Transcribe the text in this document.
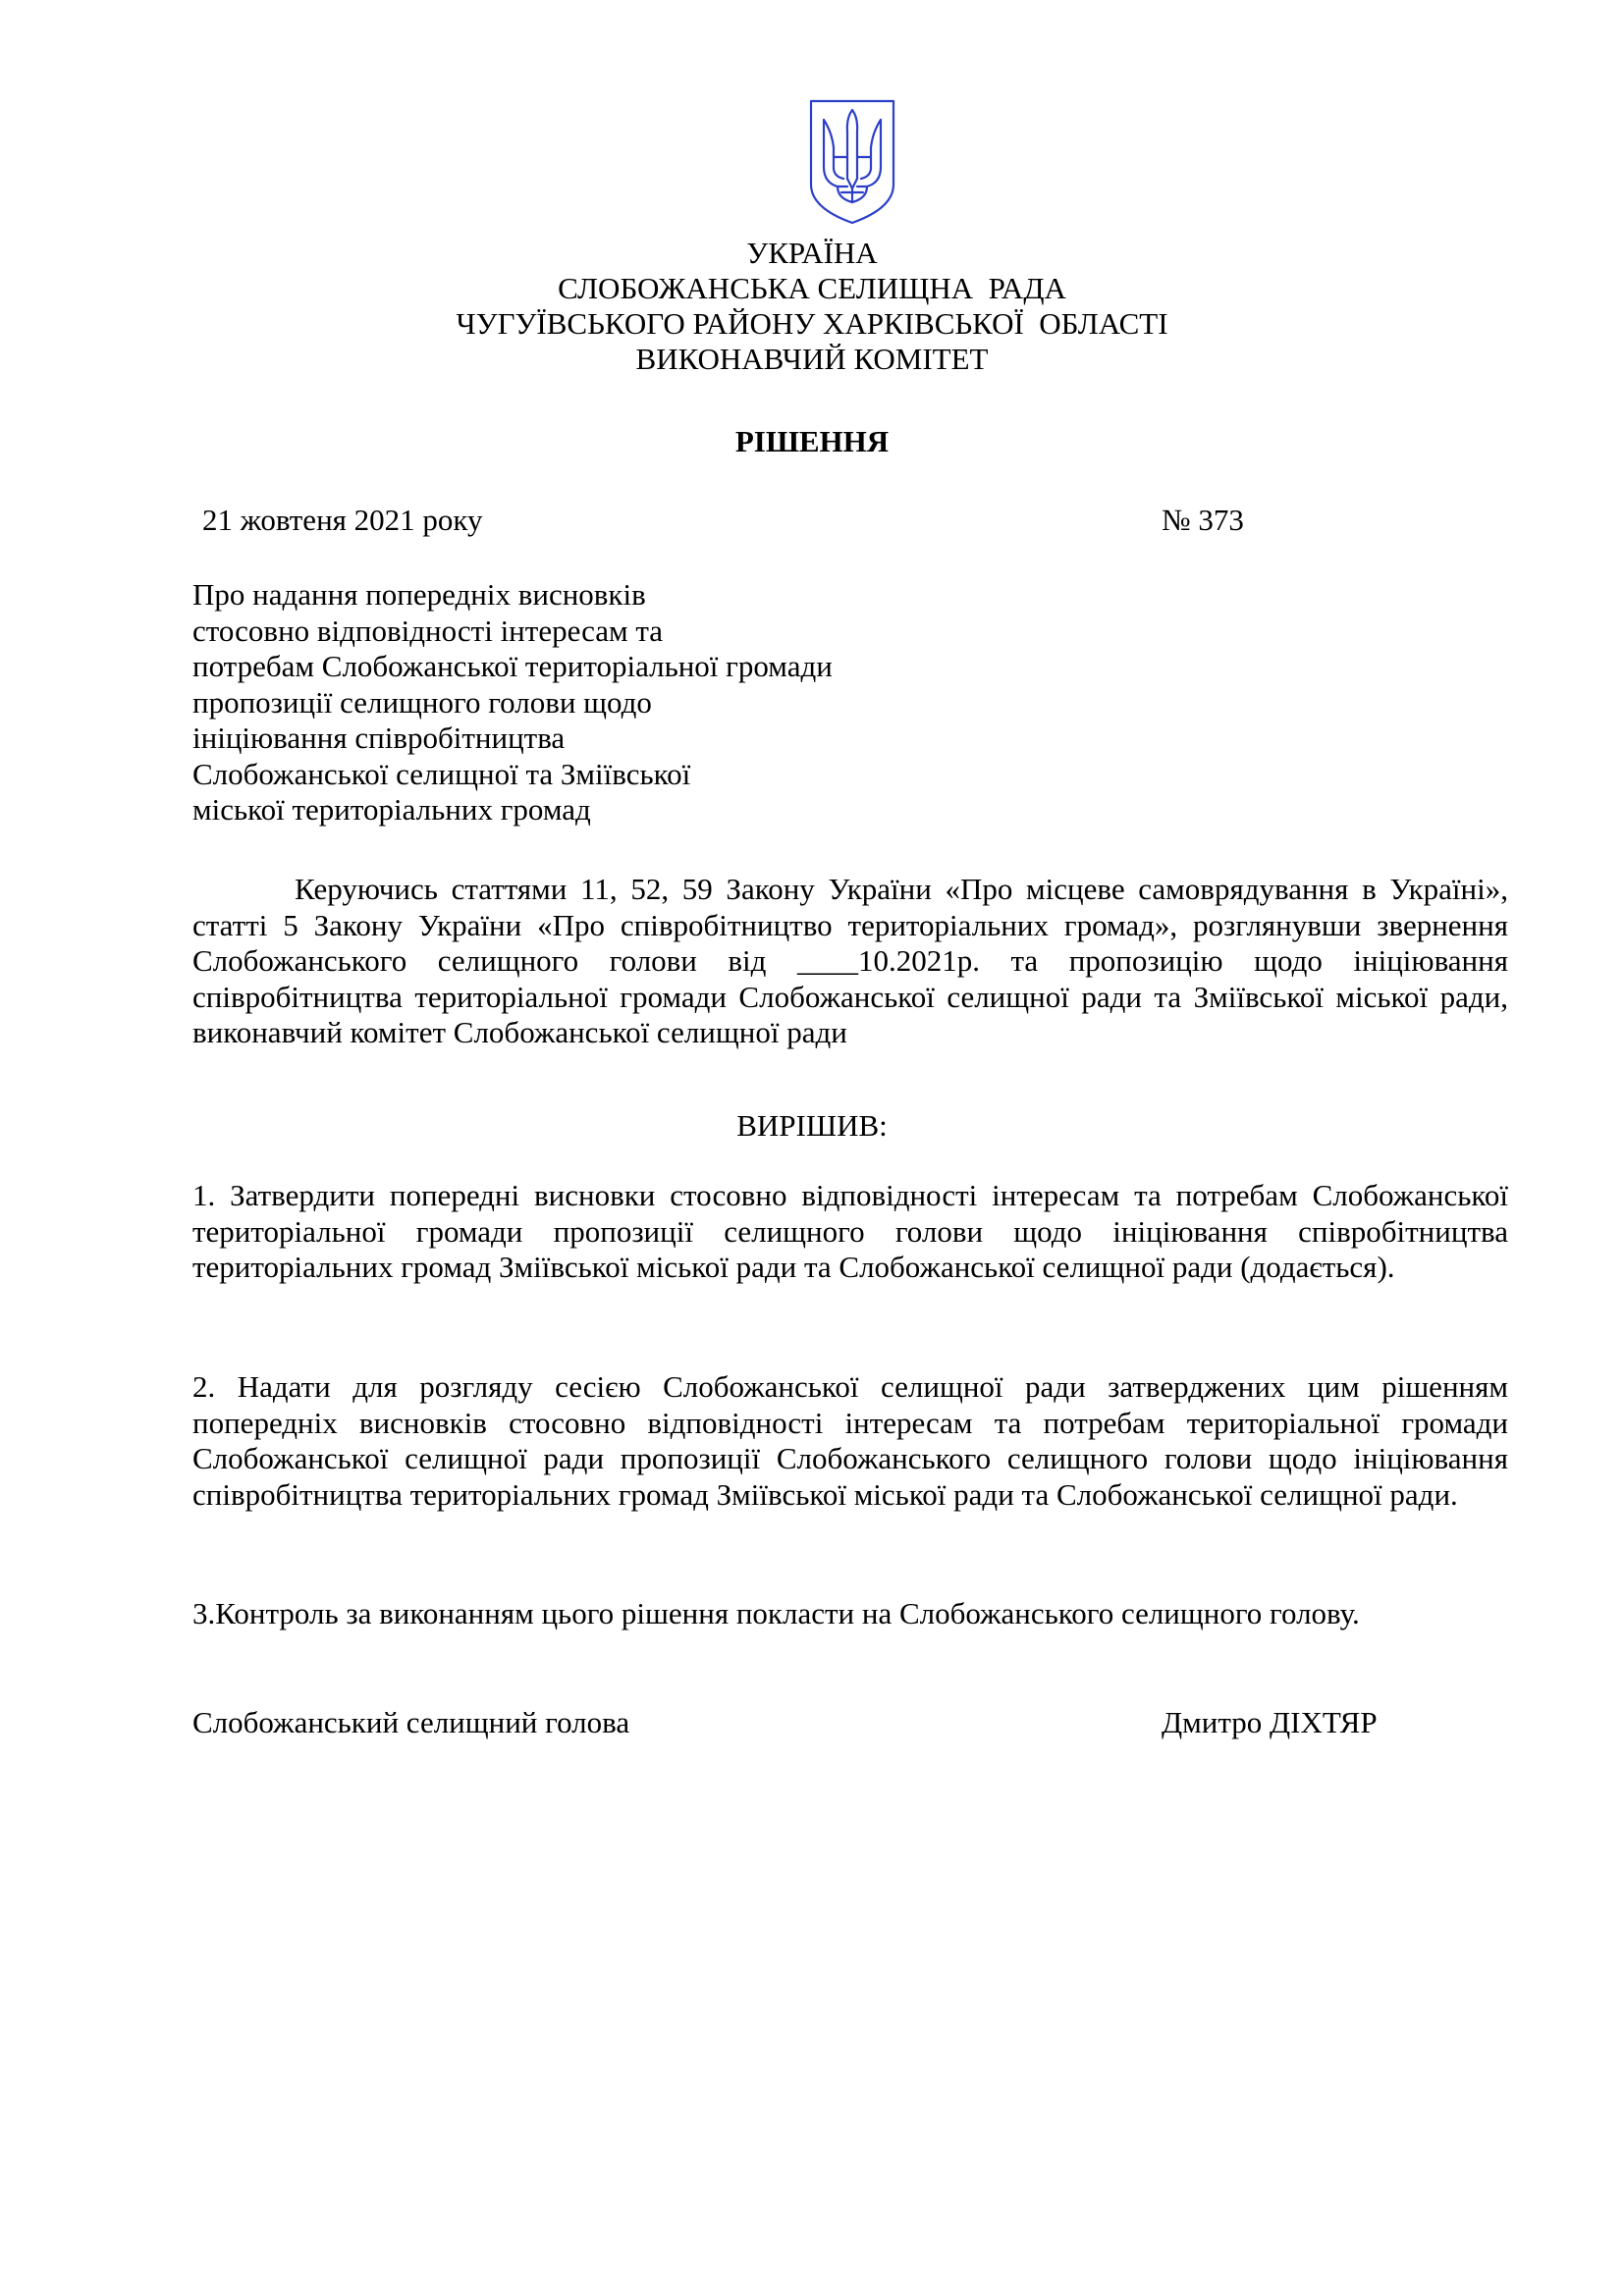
УКРАЇНА
СЛОБОЖАНСЬКА СЕЛИЩНА  РАДА
ЧУГУЇВСЬКОГО РАЙОНУ ХАРКІВСЬКОЇ  ОБЛАСТІ
ВИКОНАВЧИЙ КОМІТЕТ
РІШЕННЯ
21 жовтеня 2021 року	№ 373
Про надання попередніх висновків
стосовно відповідності інтересам та
потребам Слобожанської територіальної громади
пропозиції селищного голови щодо
ініціювання співробітництва
Слобожанської селищної та Зміївської
міської територіальних громад
Керуючись статтями 11, 52, 59 Закону України «Про місцеве самоврядування в Україні», статті 5 Закону України «Про співробітництво територіальних громад», розглянувши звернення Слобожанського селищного голови від ____10.2021р. та пропозицію щодо ініціювання співробітництва територіальної громади Слобожанської селищної ради та Зміївської міської ради, виконавчий комітет Слобожанської селищної ради
ВИРІШИВ:
1. Затвердити попередні висновки стосовно відповідності інтересам та потребам Слобожанської територіальної громади пропозиції селищного голови щодо ініціювання співробітництва територіальних громад Зміївської міської ради та Слобожанської селищної ради (додається).
2. Надати для розгляду сесією Слобожанської селищної ради затверджених цим рішенням попередніх висновків стосовно відповідності інтересам та потребам територіальної громади Слобожанської селищної ради пропозиції Слобожанського селищного голови щодо ініціювання співробітництва територіальних громад Зміївської міської ради та Слобожанської селищної ради.
3.Контроль за виконанням цього рішення покласти на Слобожанського селищного голову.
Слобожанський селищний голова	Дмитро ДІХТЯР
